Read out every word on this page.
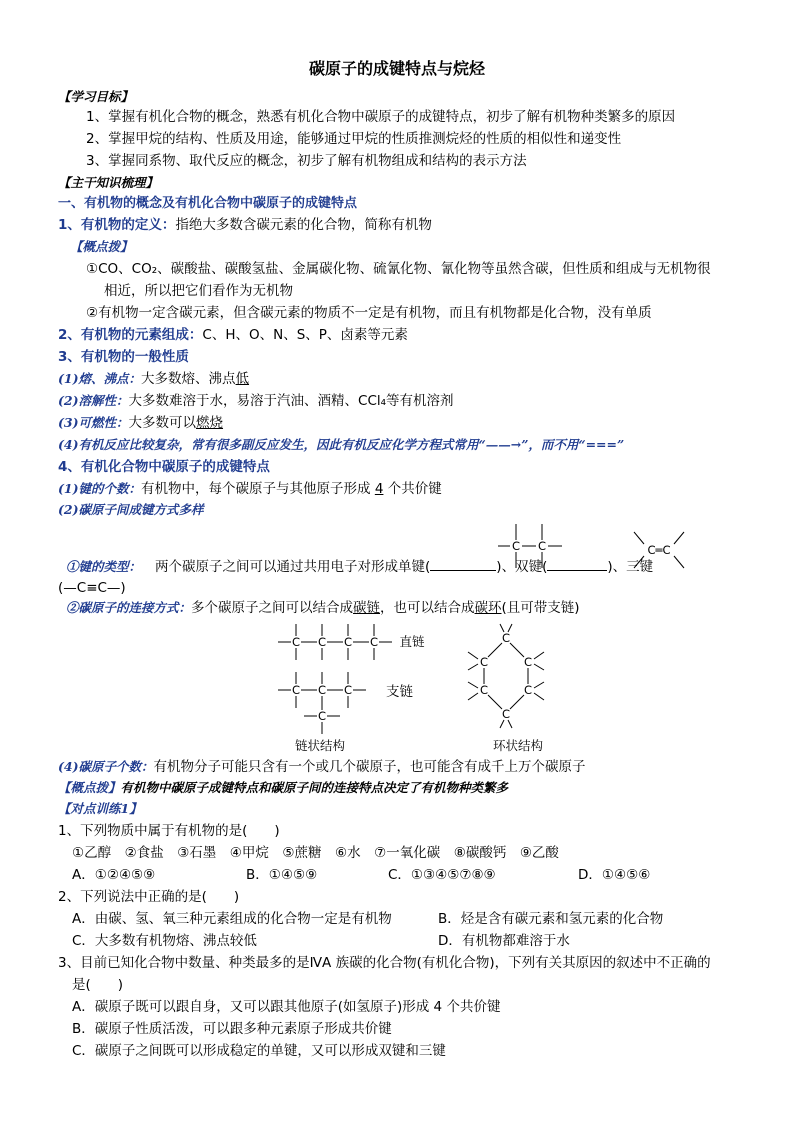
碳原子的成键特点与烷烃
【学习目标】
1、掌握有机化合物的概念，熟悉有机化合物中碳原子的成键特点，初步了解有机物种类繁多的原因
2、掌握甲烷的结构、性质及用途，能够通过甲烷的性质推测烷烃的性质的相似性和递变性
3、掌握同系物、取代反应的概念，初步了解有机物组成和结构的表示方法
【主干知识梳理】
一、有机物的概念及有机化合物中碳原子的成键特点
1、有机物的定义：指绝大多数含碳元素的化合物，简称有机物
【概点拨】
①CO、CO₂、碳酸盐、碳酸氢盐、金属碳化物、硫氰化物、氰化物等虽然含碳，但性质和组成与无机物很
相近，所以把它们看作为无机物
②有机物一定含碳元素，但含碳元素的物质不一定是有机物，而且有机物都是化合物，没有单质
2、有机物的元素组成：C、H、O、N、S、P、卤素等元素
3、有机物的一般性质
(1)熔、沸点：大多数熔、沸点低
(2)溶解性：大多数难溶于水，易溶于汽油、酒精、CCl₄等有机溶剂
(3)可燃性：大多数可以燃烧
(4)有机反应比较复杂，常有很多副反应发生，因此有机反应化学方程式常用“——→”，而不用“===”
4、有机化合物中碳原子的成键特点
(1)键的个数：有机物中，每个碳原子与其他原子形成 4 个共价键
(2)碳原子间成键方式多样
C C	C═C
①键的类型： 两个碳原子之间可以通过共用电子对形成单键(	)、双键(	)、三键
(—C≡C—)
②碳原子的连接方式：多个碳原子之间可以结合成碳链，也可以结合成碳环(且可带支链)
C C C C
C C C
C
直链
链状结构
支链
C
C	C
C	C
C
环状结构
(4)碳原子个数：有机物分子可能只含有一个或几个碳原子，也可能含有成千上万个碳原子
【概点拨】有机物中碳原子成键特点和碳原子间的连接特点决定了有机物种类繁多
【对点训练1】
1、下列物质中属于有机物的是(　　)
①乙醇　②食盐　③石墨　④甲烷　⑤蔗糖　⑥水　⑦一氧化碳　⑧碳酸钙　⑨乙酸
A．①②④⑤⑨	B．①④⑤⑨	C．①③④⑤⑦⑧⑨	D．①④⑤⑥
2、下列说法中正确的是(　　)
A．由碳、氢、氧三种元素组成的化合物一定是有机物	B．烃是含有碳元素和氢元素的化合物
C．大多数有机物熔、沸点较低	D．有机物都难溶于水
3、目前已知化合物中数量、种类最多的是ⅣA 族碳的化合物(有机化合物)，下列有关其原因的叙述中不正确的
是(　　)
A．碳原子既可以跟自身，又可以跟其他原子(如氢原子)形成 4 个共价键
B．碳原子性质活泼，可以跟多种元素原子形成共价键
C．碳原子之间既可以形成稳定的单键，又可以形成双键和三键
